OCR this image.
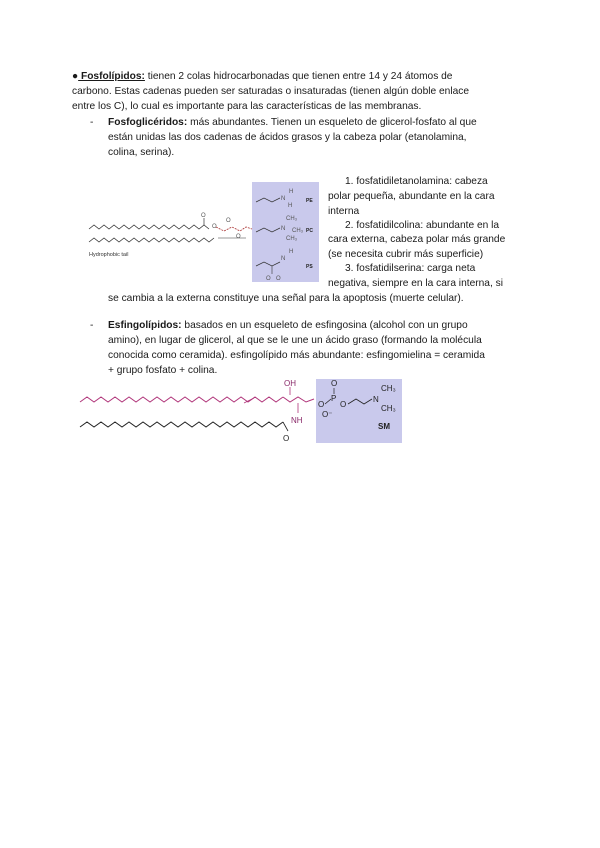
● Fosfolípidos: tienen 2 colas hidrocarbonadas que tienen entre 14 y 24 átomos de
carbono. Estas cadenas pueden ser saturadas o insaturadas (tienen algún doble enlace
entre los C), lo cual es importante para las características de las membranas.
- Fosfoglicéridos: más abundantes. Tienen un esqueleto de glicerol-fosfato al que
están unidas las dos cadenas de ácidos grasos y la cabeza polar (etanolamina,
colina, serina).
O
O
O
O
Hydrophobic tail
N
H
H
PE
N
CH₃
CH₃
CH₃
PC
N
H
O O
PS
1. fosfatidiletanolamina: cabeza
polar pequeña, abundante en la cara
interna
2. fosfatidilcolina: abundante en la
cara externa, cabeza polar más grande
(se necesita cubrir más superficie)
3. fosfatidilserina: carga neta
negativa, siempre en la cara interna, si
se cambia a la externa constituye una señal para la apoptosis (muerte celular).
- Esfingolípidos: basados en un esqueleto de esfingosina (alcohol con un grupo
amino), en lugar de glicerol, al que se le une un ácido graso (formando la molécula
conocida como ceramida). esfingolípido más abundante: esfingomielina = ceramida
+ grupo fosfato + colina.
O
OH
NH
O
P
O
O⁻
O
N
CH₃
CH₃
SM
